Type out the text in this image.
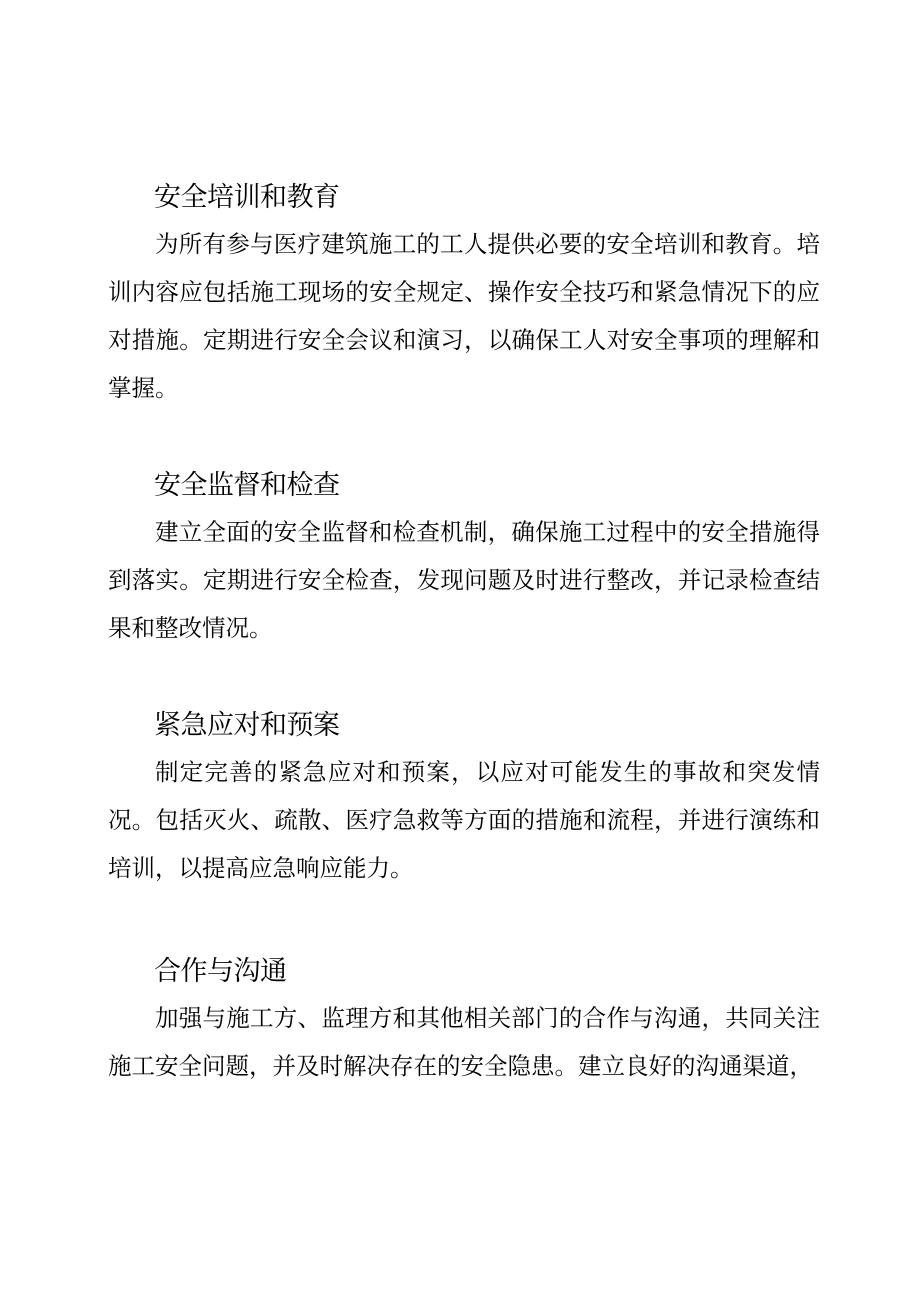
安全培训和教育

为所有参与医疗建筑施工的工人提供必要的安全培训和教育。培训内容应包括施工现场的安全规定、操作安全技巧和紧急情况下的应对措施。定期进行安全会议和演习，以确保工人对安全事项的理解和掌握。

安全监督和检查

建立全面的安全监督和检查机制，确保施工过程中的安全措施得到落实。定期进行安全检查，发现问题及时进行整改，并记录检查结果和整改情况。

紧急应对和预案

制定完善的紧急应对和预案，以应对可能发生的事故和突发情况。包括灭火、疏散、医疗急救等方面的措施和流程，并进行演练和培训，以提高应急响应能力。

合作与沟通

加强与施工方、监理方和其他相关部门的合作与沟通，共同关注施工安全问题，并及时解决存在的安全隐患。建立良好的沟通渠道，
